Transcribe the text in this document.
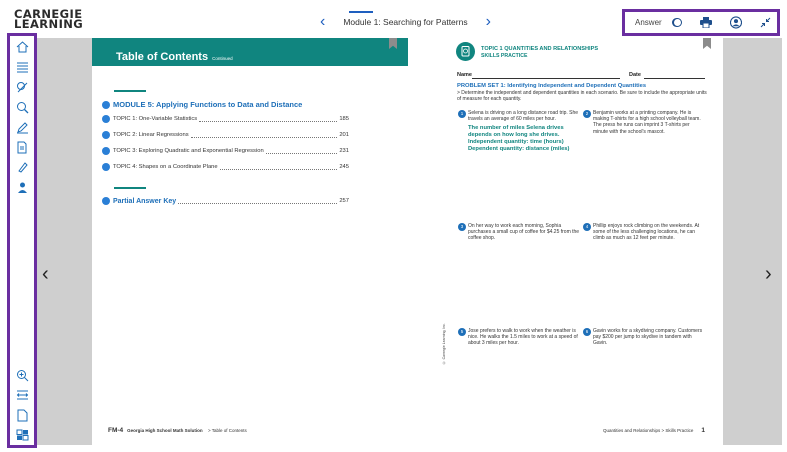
CARNEGIE
LEARNING	‹	Module 1: Searching for Patterns	›	Answer
‹	›
Table of Contents Continued
MODULE 5: Applying Functions to Data and Distance
TOPIC 1: One-Variable Statistics	185
TOPIC 2: Linear Regressions	201
TOPIC 3: Exploring Quadratic and Exponential Regression	231
TOPIC 4: Shapes on a Coordinate Plane	245
Partial Answer Key	257
FM-4 Georgia High School Math Solution > Table of Contents
TOPIC 1 QUANTITIES AND RELATIONSHIPS
SKILLS PRACTICE
Name	Date
PROBLEM SET 1: Identifying Independent and Dependent Quantities
> Determine the independent and dependent quantities in each scenario. Be sure to include the appropriate units of measure for each quantity.
1 Selena is driving on a long distance road trip. She travels an average of 60 miles per hour.
The number of miles Selena drives depends on how long she drives.
Independent quantity: time (hours)
Dependent quantity: distance (miles)
2 Benjamin works at a printing company. He is making T-shirts for a high school volleyball team. The press he runs can imprint 3 T-shirts per minute with the school's mascot.
3 On her way to work each morning, Sophia purchases a small cup of coffee for $4.25 from the coffee shop.
4 Phillip enjoys rock climbing on the weekends. At some of the less challenging locations, he can climb as much as 12 feet per minute.
5 Jose prefers to walk to work when the weather is nice. He walks the 1.5 miles to work at a speed of about 3 miles per hour.
6 Gavin works for a skydiving company. Customers pay $200 per jump to skydive in tandem with Gavin.
© Carnegie Learning, Inc.
Quantities and Relationships > Skills Practice 1
